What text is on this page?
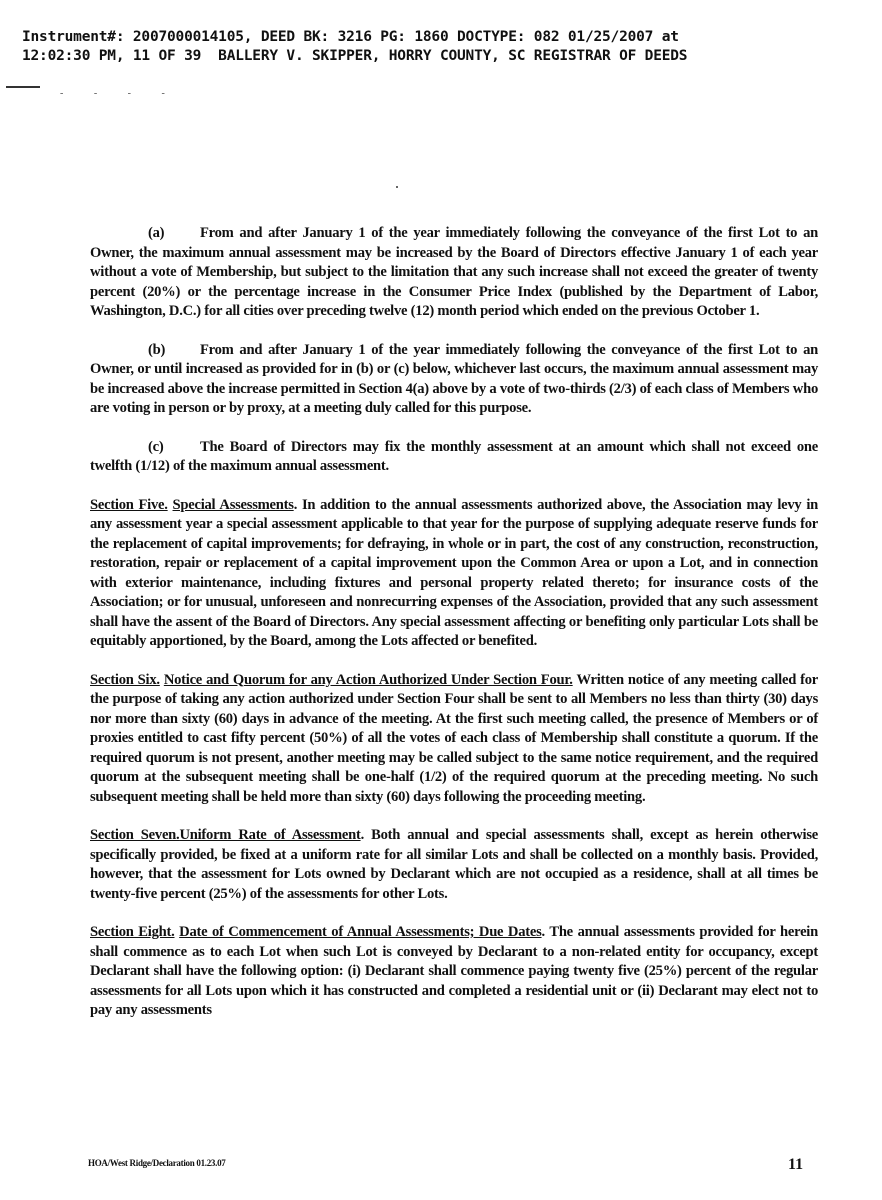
Instrument#: 2007000014105, DEED BK: 3216 PG: 1860 DOCTYPE: 082 01/25/2007 at
12:02:30 PM, 11 OF 39  BALLERY V. SKIPPER, HORRY COUNTY, SC REGISTRAR OF DEEDS
- - - -

(a) From and after January 1 of the year immediately following the conveyance of the first Lot to an Owner, the maximum annual assessment may be increased by the Board of Directors effective January 1 of each year without a vote of Membership, but subject to the limitation that any such increase shall not exceed the greater of twenty percent (20%) or the percentage increase in the Consumer Price Index (published by the Department of Labor, Washington, D.C.) for all cities over preceding twelve (12) month period which ended on the previous October 1.

(b) From and after January 1 of the year immediately following the conveyance of the first Lot to an Owner, or until increased as provided for in (b) or (c) below, whichever last occurs, the maximum annual assessment may be increased above the increase permitted in Section 4(a) above by a vote of two-thirds (2/3) of each class of Members who are voting in person or by proxy, at a meeting duly called for this purpose.

(c)	The Board of Directors may fix the monthly assessment at an amount which shall not exceed one twelfth (1/12) of the maximum annual assessment.

Section Five. Special Assessments. In addition to the annual assessments authorized above, the Association may levy in any assessment year a special assessment applicable to that year for the purpose of supplying adequate reserve funds for the replacement of capital improvements; for defraying, in whole or in part, the cost of any construction, reconstruction, restoration, repair or replacement of a capital improvement upon the Common Area or upon a Lot, and in connection with exterior maintenance, including fixtures and personal property related thereto; for insurance costs of the Association; or for unusual, unforeseen and nonrecurring expenses of the Association, provided that any such assessment shall have the assent of the Board of Directors. Any special assessment affecting or benefiting only particular Lots shall be equitably apportioned, by the Board, among the Lots affected or benefited.

Section Six. Notice and Quorum for any Action Authorized Under Section Four. Written notice of any meeting called for the purpose of taking any action authorized under Section Four shall be sent to all Members no less than thirty (30) days nor more than sixty (60) days in advance of the meeting. At the first such meeting called, the presence of Members or of proxies entitled to cast fifty percent (50%) of all the votes of each class of Membership shall constitute a quorum. If the required quorum is not present, another meeting may be called subject to the same notice requirement, and the required quorum at the subsequent meeting shall be one-half (1/2) of the required quorum at the preceding meeting. No such subsequent meeting shall be held more than sixty (60) days following the proceeding meeting.

Section Seven.Uniform Rate of Assessment. Both annual and special assessments shall, except as herein otherwise specifically provided, be fixed at a uniform rate for all similar Lots and shall be collected on a monthly basis. Provided, however, that the assessment for Lots owned by Declarant which are not occupied as a residence, shall at all times be twenty-five percent (25%) of the assessments for other Lots.

Section Eight. Date of Commencement of Annual Assessments; Due Dates. The annual assessments provided for herein shall commence as to each Lot when such Lot is conveyed by Declarant to a non-related entity for occupancy, except Declarant shall have the following option: (i) Declarant shall commence paying twenty five (25%) percent of the regular assessments for all Lots upon which it has constructed and completed a residential unit or (ii) Declarant may elect not to pay any assessments

HOA/West Ridge/Declaration 01.23.07	11
